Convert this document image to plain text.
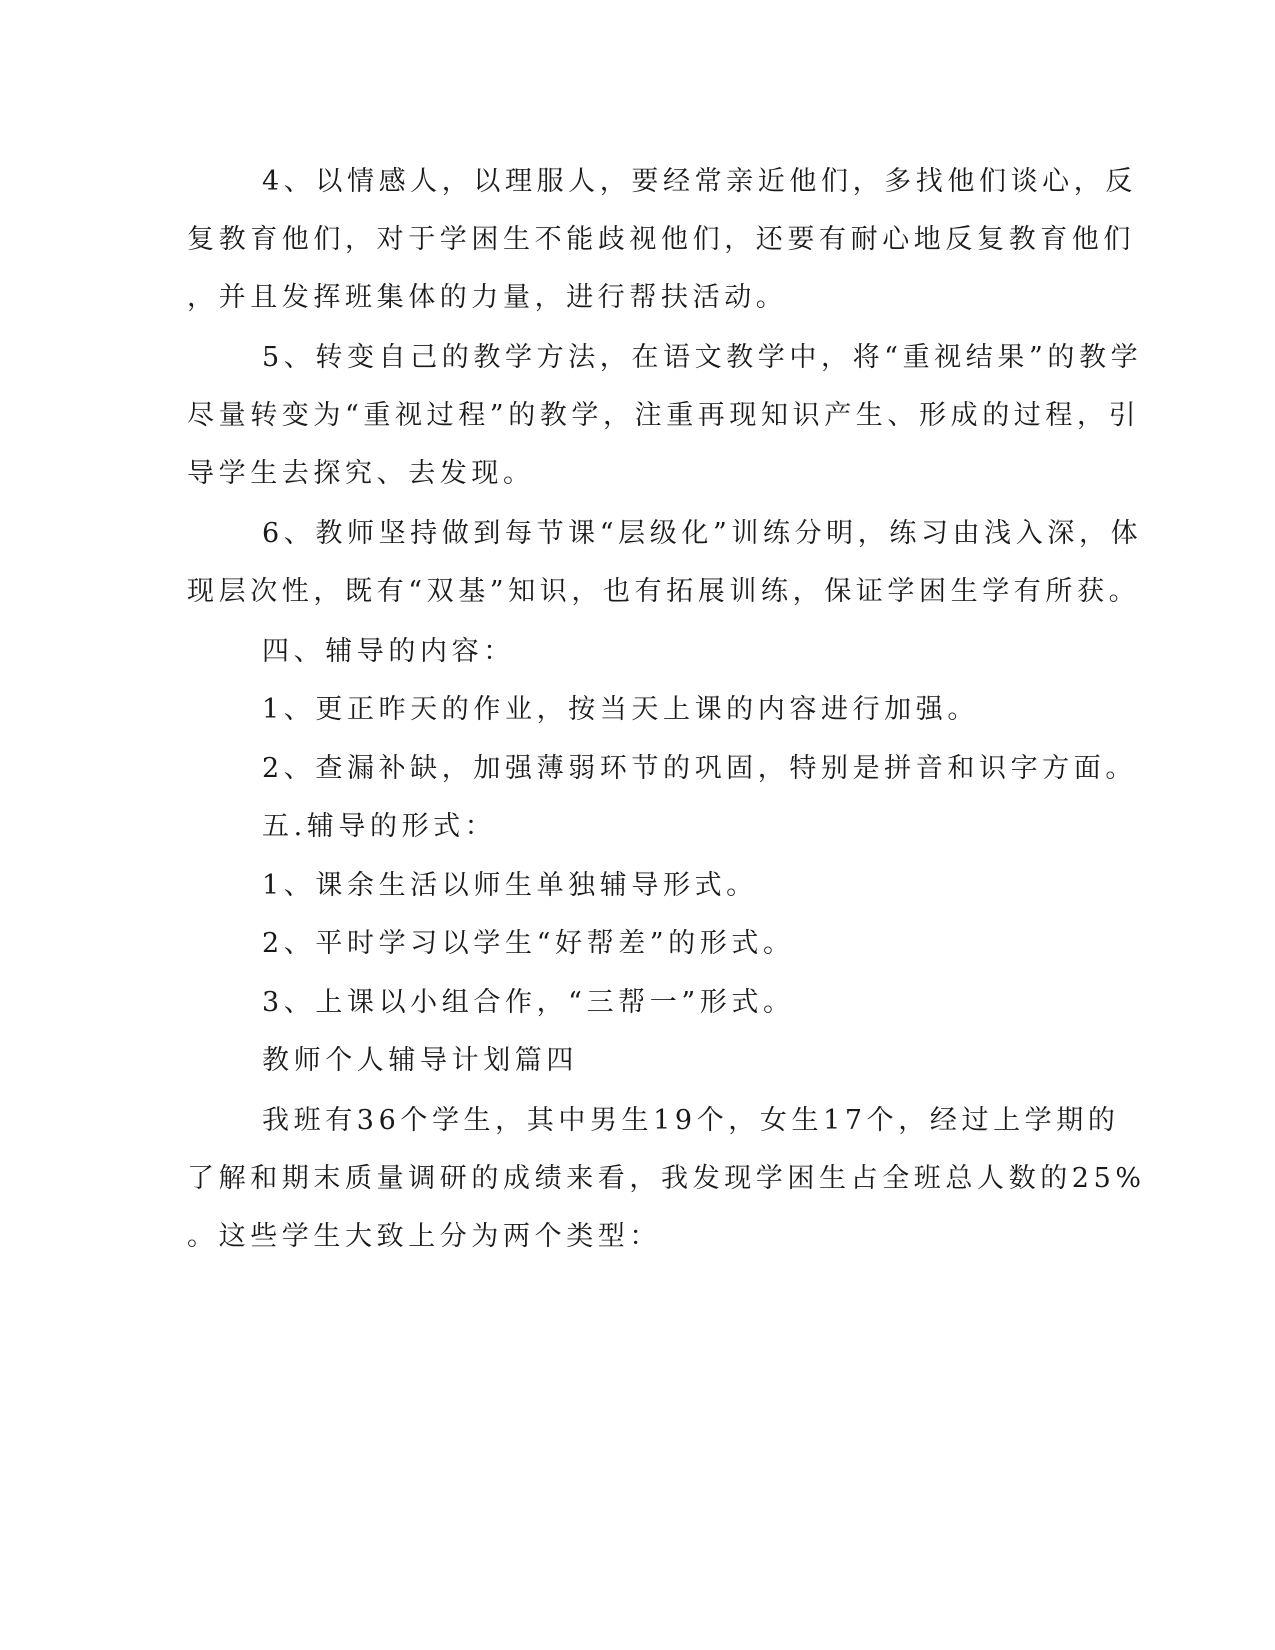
4、以情感人，以理服人，要经常亲近他们，多找他们谈心，反
复教育他们，对于学困生不能歧视他们，还要有耐心地反复教育他们
，并且发挥班集体的力量，进行帮扶活动。
5、转变自己的教学方法，在语文教学中，将“重视结果”的教学
尽量转变为“重视过程”的教学，注重再现知识产生、形成的过程，引
导学生去探究、去发现。
6、教师坚持做到每节课“层级化”训练分明，练习由浅入深，体
现层次性，既有“双基”知识，也有拓展训练，保证学困生学有所获。
四、辅导的内容：
1、更正昨天的作业，按当天上课的内容进行加强。
2、查漏补缺，加强薄弱环节的巩固，特别是拼音和识字方面。
五.辅导的形式：
1、课余生活以师生单独辅导形式。
2、平时学习以学生“好帮差”的形式。
3、上课以小组合作，“三帮一”形式。
教师个人辅导计划篇四
我班有36个学生，其中男生19个，女生17个，经过上学期的
了解和期末质量调研的成绩来看，我发现学困生占全班总人数的25%
。这些学生大致上分为两个类型：
